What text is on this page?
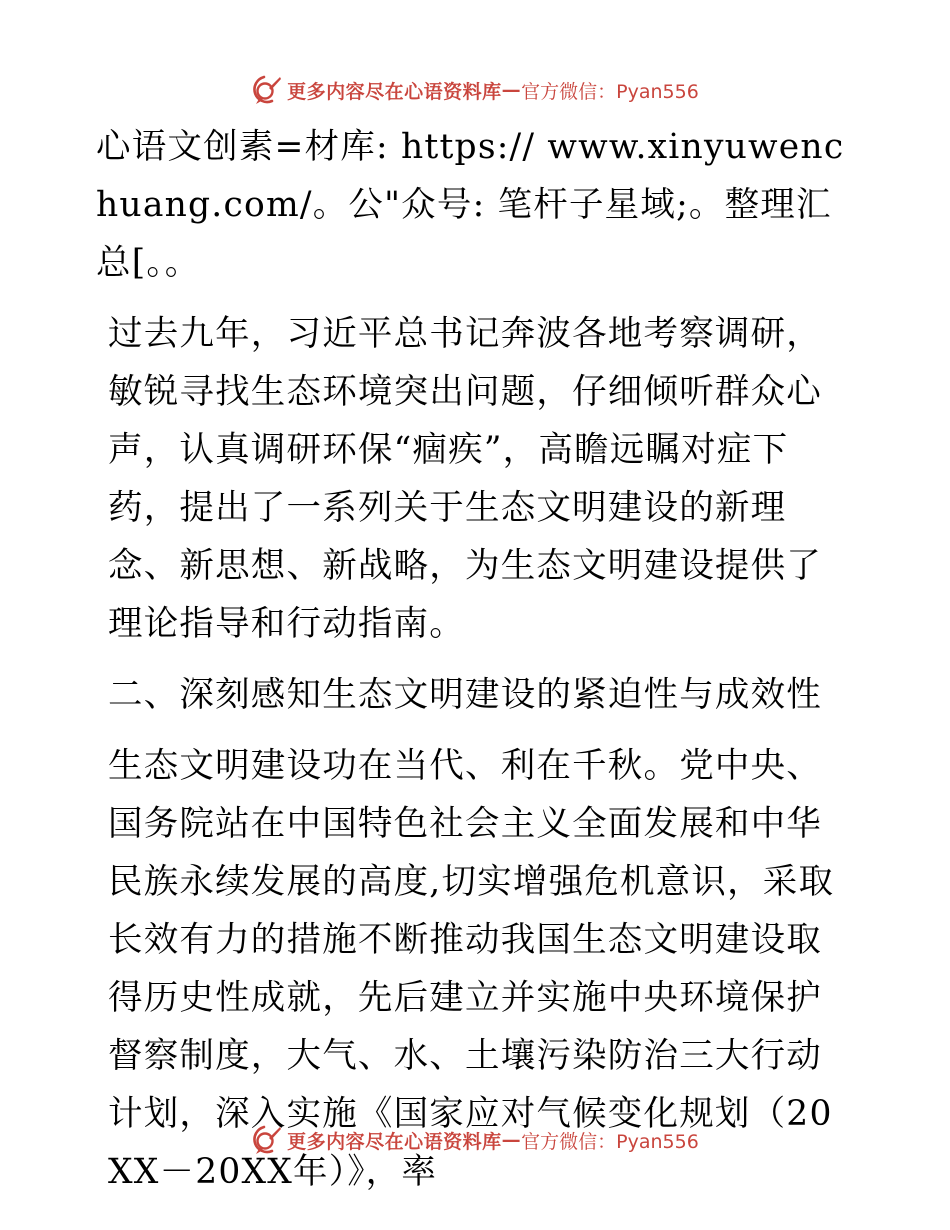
更多内容尽在心语资料库 — 官方微信：Pyan556

心语文创素=材库: https:// www.xinyuwenchuang.com/。公"众号: 笔杆子星域;。整理汇总[。。

过去九年，习近平总书记奔波各地考察调研，敏锐寻找生态环境突出问题，仔细倾听群众心声，认真调研环保“痼疾”，高瞻远瞩对症下药，提出了一系列关于生态文明建设的新理念、新思想、新战略，为生态文明建设提供了理论指导和行动指南。

二、深刻感知生态文明建设的紧迫性与成效性

生态文明建设功在当代、利在千秋。党中央、国务院站在中国特色社会主义全面发展和中华民族永续发展的高度,切实增强危机意识，采取长效有力的措施不断推动我国生态文明建设取得历史性成就，先后建立并实施中央环境保护督察制度，大气、水、土壤污染防治三大行动计划，深入实施《国家应对气候变化规划（20XX－20XX年）》，率

更多内容尽在心语资料库 — 官方微信：Pyan556
